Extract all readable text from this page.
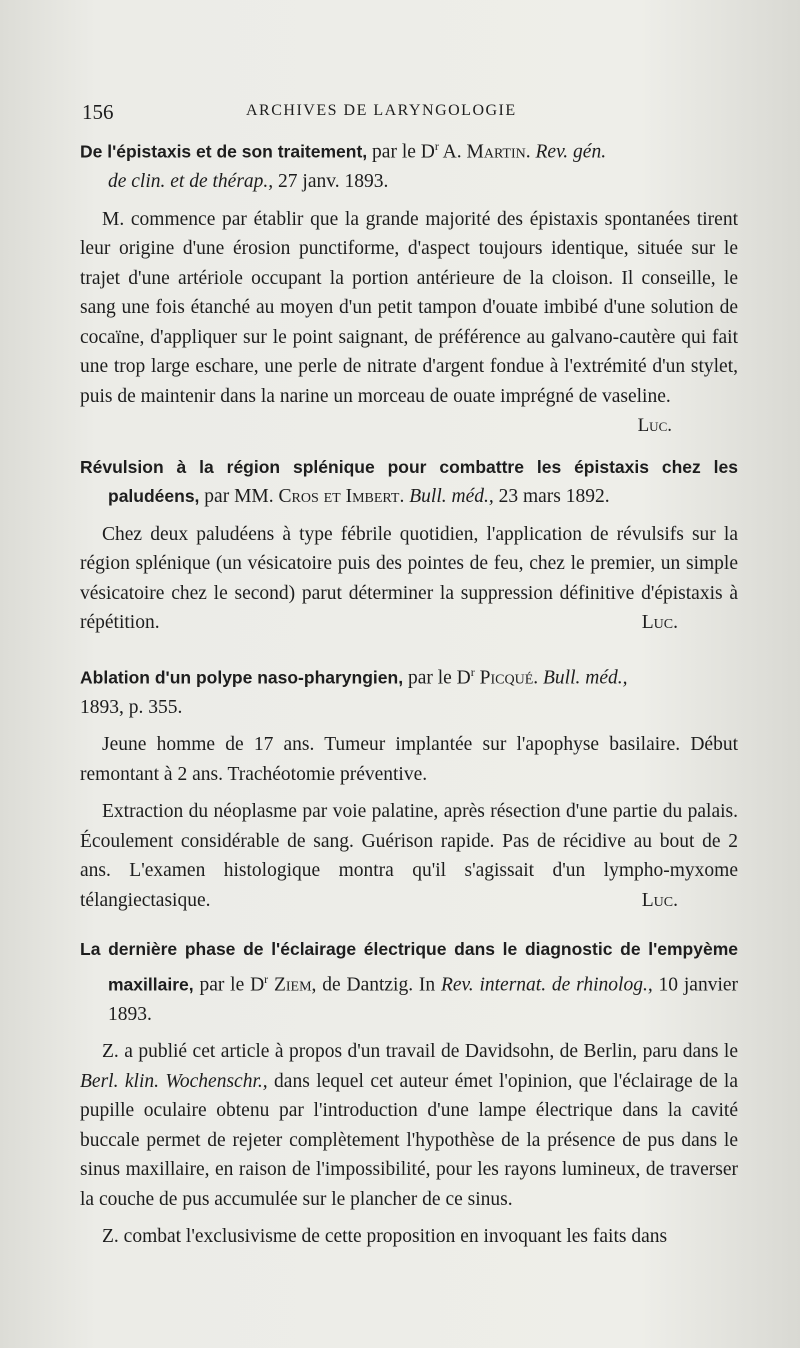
156	ARCHIVES DE LARYNGOLOGIE

De l'épistaxis et de son traitement, par le $D^r$ A. Martin. Rev. gén.
de clin. et de thérap., 27 janv. 1893.

M. commence par établir que la grande majorité des épistaxis spontanées tirent leur origine d'une érosion punctiforme, d'aspect toujours identique, située sur le trajet d'une artériole occupant la portion antérieure de la cloison. Il conseille, le sang une fois étanché au moyen d'un petit tampon d'ouate imbibé d'une solution de cocaïne, d'appliquer sur le point saignant, de préférence au galvano-cautère qui fait une trop large eschare, une perle de nitrate d'argent fondue à l'extrémité d'un stylet, puis de maintenir dans la narine un morceau de ouate imprégné de vaseline.

Luc.

Révulsion à la région splénique pour combattre les épistaxis chez les paludéens, par MM. Cros et Imbert. Bull. méd., 23 mars 1892.

Chez deux paludéens à type fébrile quotidien, l'application de révulsifs sur la région splénique (un vésicatoire puis des pointes de feu, chez le premier, un simple vésicatoire chez le second) parut déterminer la suppression définitive d'épistaxis à répétition.	Luc.

Ablation d'un polype naso-pharyngien, par le $D^r$ Picqué. Bull. méd.,

1893, p. 355.

Jeune homme de 17 ans. Tumeur implantée sur l'apophyse basilaire. Début remontant à 2 ans. Trachéotomie préventive.

Extraction du néoplasme par voie palatine, après résection d'une partie du palais. Écoulement considérable de sang. Guérison rapide. Pas de récidive au bout de 2 ans. L'examen histologique montra qu'il s'agissait d'un lympho-myxome télangiectasique.	Luc.

La dernière phase de l'éclairage électrique dans le diagnostic de l'empyème maxillaire, par le $D^r$ Ziem, de Dantzig. In Rev. internat. de rhinolog., 10 janvier 1893.

Z. a publié cet article à propos d'un travail de Davidsohn, de Berlin, paru dans le Berl. klin. Wochenschr., dans lequel cet auteur émet l'opinion, que l'éclairage de la pupille oculaire obtenu par l'introduction d'une lampe électrique dans la cavité buccale permet de rejeter complètement l'hypothèse de la présence de pus dans le sinus maxillaire, en raison de l'impossibilité, pour les rayons lumineux, de traverser la couche de pus accumulée sur le plancher de ce sinus.

Z. combat l'exclusivisme de cette proposition en invoquant les faits dans
